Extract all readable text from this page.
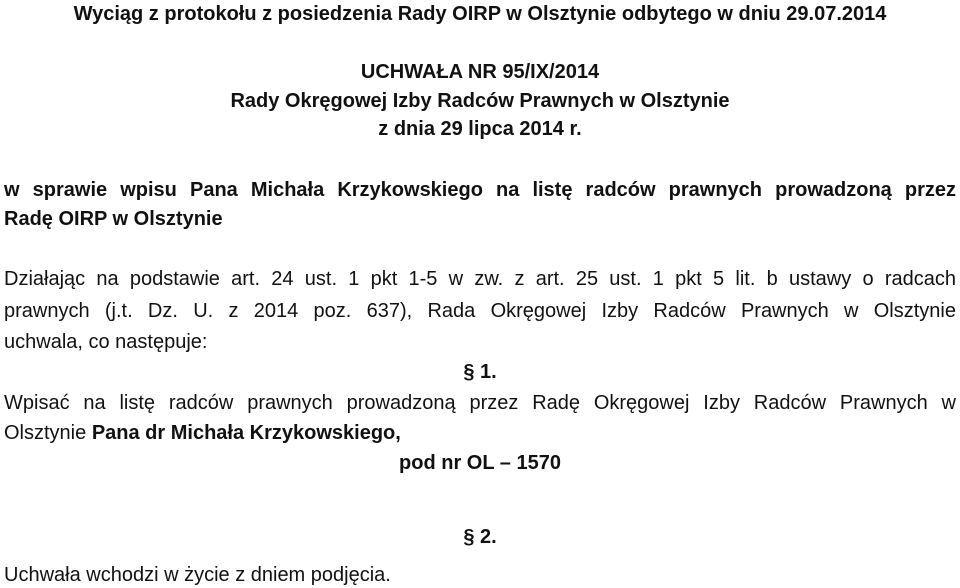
Wyciąg z protokołu z posiedzenia Rady OIRP w Olsztynie odbytego w dniu 29.07.2014
UCHWAŁA NR 95/IX/2014
Rady Okręgowej Izby Radców Prawnych w Olsztynie
z dnia 29 lipca 2014 r.
w sprawie wpisu Pana Michała Krzykowskiego na listę radców prawnych prowadzoną przez
Radę OIRP w Olsztynie
Działając na podstawie art. 24 ust. 1 pkt 1-5 w zw. z art. 25 ust. 1 pkt 5 lit. b ustawy o radcach
prawnych (j.t. Dz. U. z 2014 poz. 637), Rada Okręgowej Izby Radców Prawnych w Olsztynie
uchwala, co następuje:
§ 1.
Wpisać na listę radców prawnych prowadzoną przez Radę Okręgowej Izby Radców Prawnych w
Olsztynie Pana dr Michała Krzykowskiego,
pod nr OL – 1570
§ 2.
Uchwała wchodzi w życie z dniem podjęcia.
